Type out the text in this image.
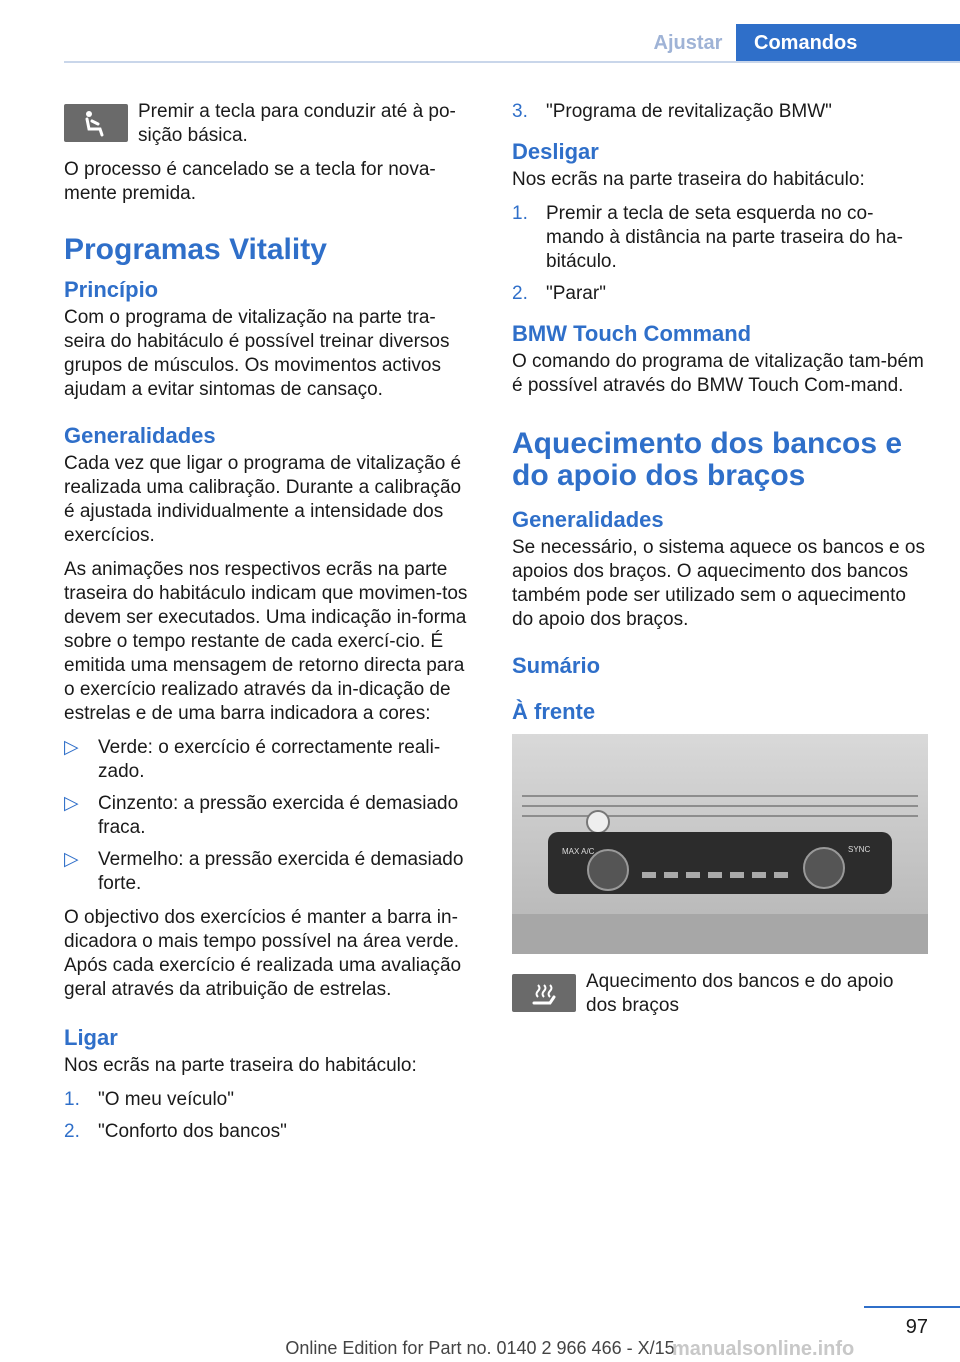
Ajustar	Comandos
Premir a tecla para conduzir até à po-sição básica.

O processo é cancelado se a tecla for nova-mente premida.

Programas Vitality
Princípio

Com o programa de vitalização na parte tra-seira do habitáculo é possível treinar diversos grupos de músculos. Os movimentos activos ajudam a evitar sintomas de cansaço.

Generalidades

Cada vez que ligar o programa de vitalização é realizada uma calibração. Durante a calibração é ajustada individualmente a intensidade dos exercícios.

As animações nos respectivos ecrãs na parte traseira do habitáculo indicam que movimen-tos devem ser executados. Uma indicação in-forma sobre o tempo restante de cada exercí-cio. É emitida uma mensagem de retorno directa para o exercício realizado através da in-dicação de estrelas e de uma barra indicadora a cores:

▷	Verde: o exercício é correctamente reali-zado.
▷	Cinzento: a pressão exercida é demasiado fraca.
▷	Vermelho: a pressão exercida é demasiado forte.

O objectivo dos exercícios é manter a barra in-dicadora o mais tempo possível na área verde. Após cada exercício é realizada uma avaliação geral através da atribuição de estrelas.

Ligar

Nos ecrãs na parte traseira do habitáculo:

1. "O meu veículo"
2. "Conforto dos bancos"
3. "Programa de revitalização BMW"
Desligar

Nos ecrãs na parte traseira do habitáculo:

1. Premir a tecla de seta esquerda no co-mando à distância na parte traseira do ha-bitáculo.
2. "Parar"
BMW Touch Command

O comando do programa de vitalização tam-bém é possível através do BMW Touch Com-mand.

Aquecimento dos bancos e do apoio dos braços
Generalidades

Se necessário, o sistema aquece os bancos e os apoios dos braços. O aquecimento dos bancos também pode ser utilizado sem o aquecimento do apoio dos braços.

Sumário
À frente
MAX A/C	SYNC
Aquecimento dos bancos e do apoio dos braços
97
Online Edition for Part no. 0140 2 966 466 - X/15
manualsonline.info
